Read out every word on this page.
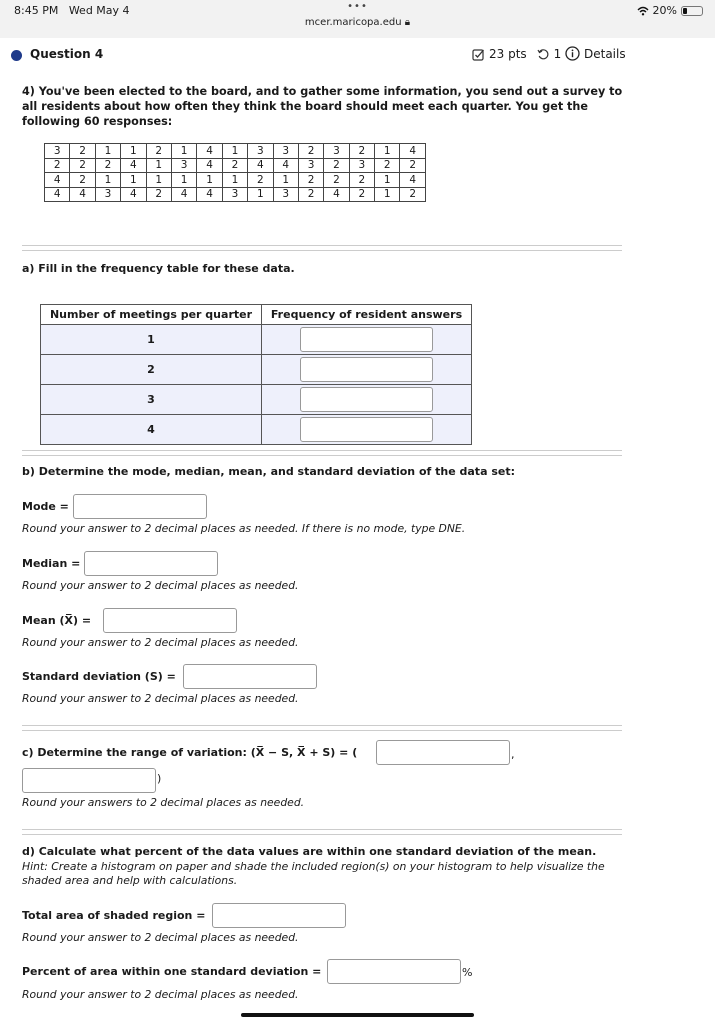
8:45 PM Wed May 4	•••
mcer.maricopa.edu 🔒︎
20%
Question 4	23 pts 1 Details
4) You've been elected to the board, and to gather some information, you send out a survey to all residents about how often they think the board should meet each quarter. You get the following 60 responses:
3	2	1	1	2	1	4	1	3	3	2	3	2	1	4
2	2	2	4	1	3	4	2	4	4	3	2	3	2	2
4	2	1	1	1	1	1	1	2	1	2	2	2	1	4
4	4	3	4	2	4	4	3	1	3	2	4	2	1	2
a) Fill in the frequency table for these data.
Number of meetings per quarter	Frequency of resident answers
1	
2	
3	
4	
b) Determine the mode, median, mean, and standard deviation of the data set:
Mode =
Round your answer to 2 decimal places as needed. If there is no mode, type DNE.
Median =
Round your answer to 2 decimal places as needed.
Mean (X̅) =
Round your answer to 2 decimal places as needed.
Standard deviation (S) =
Round your answer to 2 decimal places as needed.
c) Determine the range of variation: (X̅ − S, X̅ + S) = (	,
)
Round your answers to 2 decimal places as needed.
d) Calculate what percent of the data values are within one standard deviation of the mean.
Hint: Create a histogram on paper and shade the included region(s) on your histogram to help visualize the shaded area and help with calculations.
Total area of shaded region =
Round your answer to 2 decimal places as needed.
Percent of area within one standard deviation =	%
Round your answer to 2 decimal places as needed.
